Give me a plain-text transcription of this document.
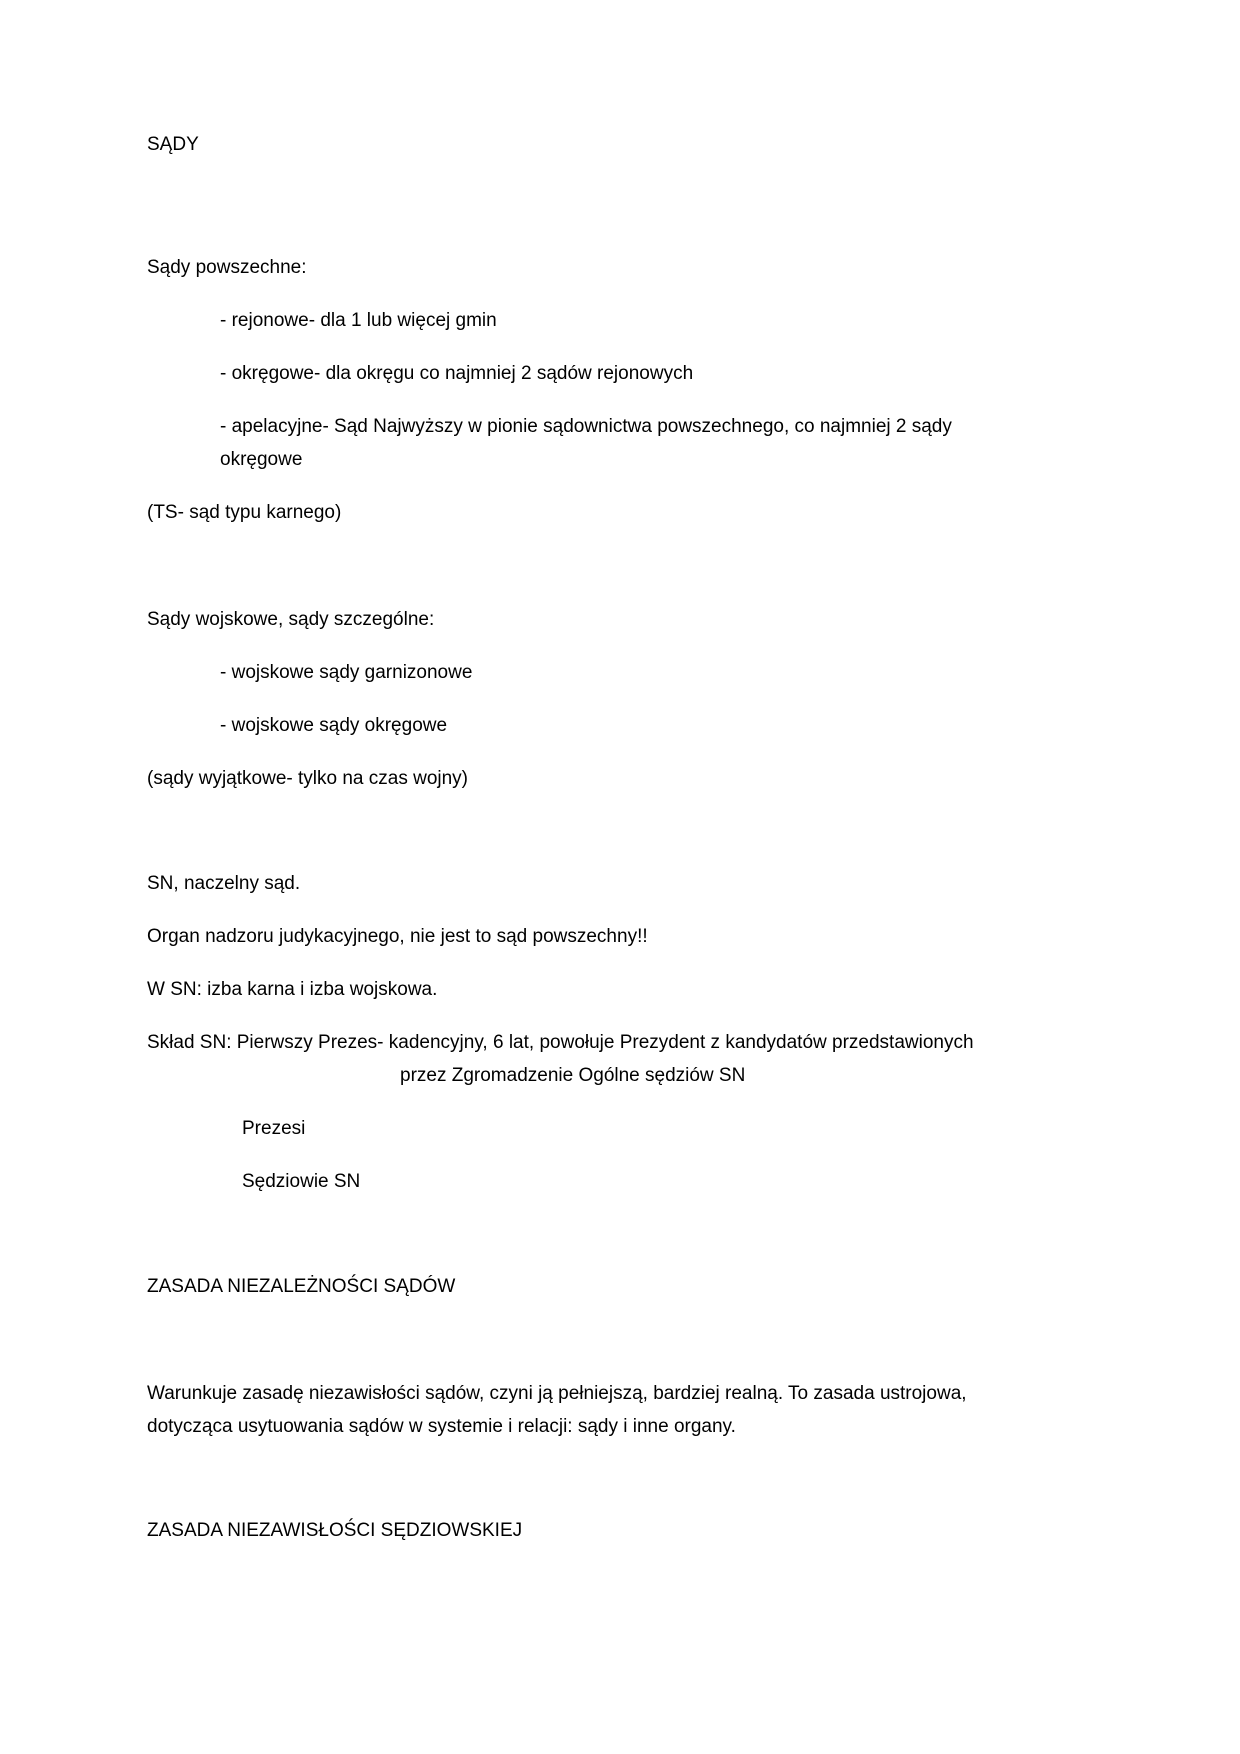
SĄDY

Sądy powszechne:

- rejonowe- dla 1 lub więcej gmin

- okręgowe- dla okręgu co najmniej 2 sądów rejonowych

- apelacyjne- Sąd Najwyższy w pionie sądownictwa powszechnego, co najmniej 2 sądy

okręgowe

(TS- sąd typu karnego)

Sądy wojskowe, sądy szczególne:

- wojskowe sądy garnizonowe

- wojskowe sądy okręgowe

(sądy wyjątkowe- tylko na czas wojny)

SN, naczelny sąd.

Organ nadzoru judykacyjnego, nie jest to sąd powszechny!!

W SN: izba karna i izba wojskowa.

Skład SN: Pierwszy Prezes- kadencyjny, 6 lat, powołuje Prezydent z kandydatów przedstawionych

przez Zgromadzenie Ogólne sędziów SN

Prezesi

Sędziowie SN

ZASADA NIEZALEŻNOŚCI SĄDÓW

Warunkuje zasadę niezawisłości sądów, czyni ją pełniejszą, bardziej realną. To zasada ustrojowa,

dotycząca usytuowania sądów w systemie i relacji: sądy i inne organy.

ZASADA NIEZAWISŁOŚCI SĘDZIOWSKIEJ
